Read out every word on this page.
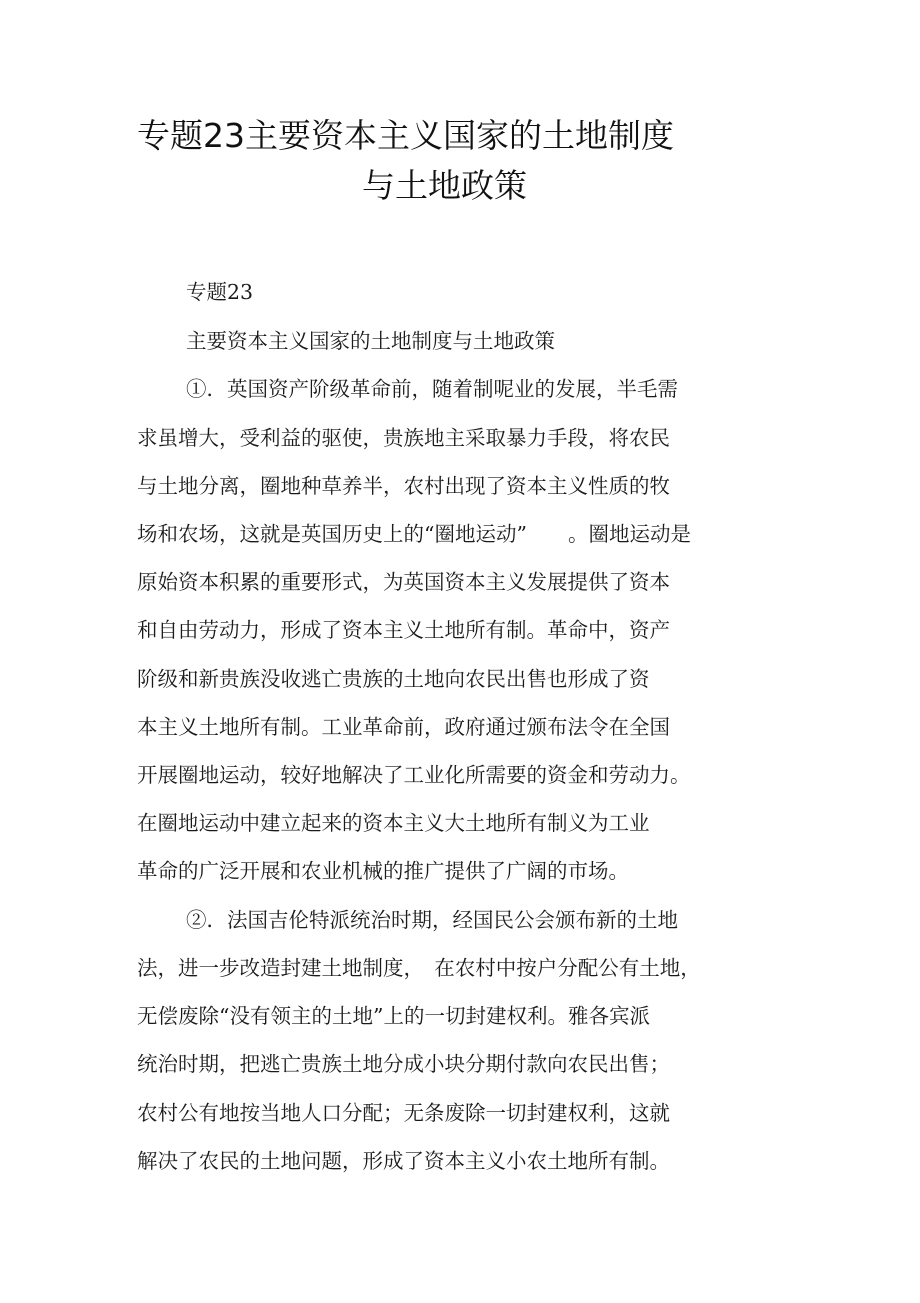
专题23主要资本主义国家的土地制度
与土地政策
专题23
主要资本主义国家的土地制度与土地政策
①．英国资产阶级革命前，随着制呢业的发展，半毛需
求虽增大，受利益的驱使，贵族地主采取暴力手段，将农民
与土地分离，圈地种草养半，农村出现了资本主义性质的牧
场和农场，这就是英国历史上的“圈地运动”　　。圈地运动是
原始资本积累的重要形式，为英国资本主义发展提供了资本
和自由劳动力，形成了资本主义土地所有制。革命中，资产
阶级和新贵族没收逃亡贵族的土地向农民出售也形成了资
本主义土地所有制。工业革命前，政府通过颁布法令在全国
开展圈地运动，较好地解决了工业化所需要的资金和劳动力。
在圈地运动中建立起来的资本主义大土地所有制义为工业
革命的广泛开展和农业机械的推广提供了广阔的市场。
②．法国吉伦特派统治时期，经国民公会颁布新的土地
法，进一步改造封建土地制度，　在农村中按户分配公有土地，
无偿废除“没有领主的土地”上的一切封建权利。雅各宾派
统治时期，把逃亡贵族土地分成小块分期付款向农民出售；
农村公有地按当地人口分配；无条废除一切封建权利，这就
解决了农民的土地问题，形成了资本主义小农土地所有制。
